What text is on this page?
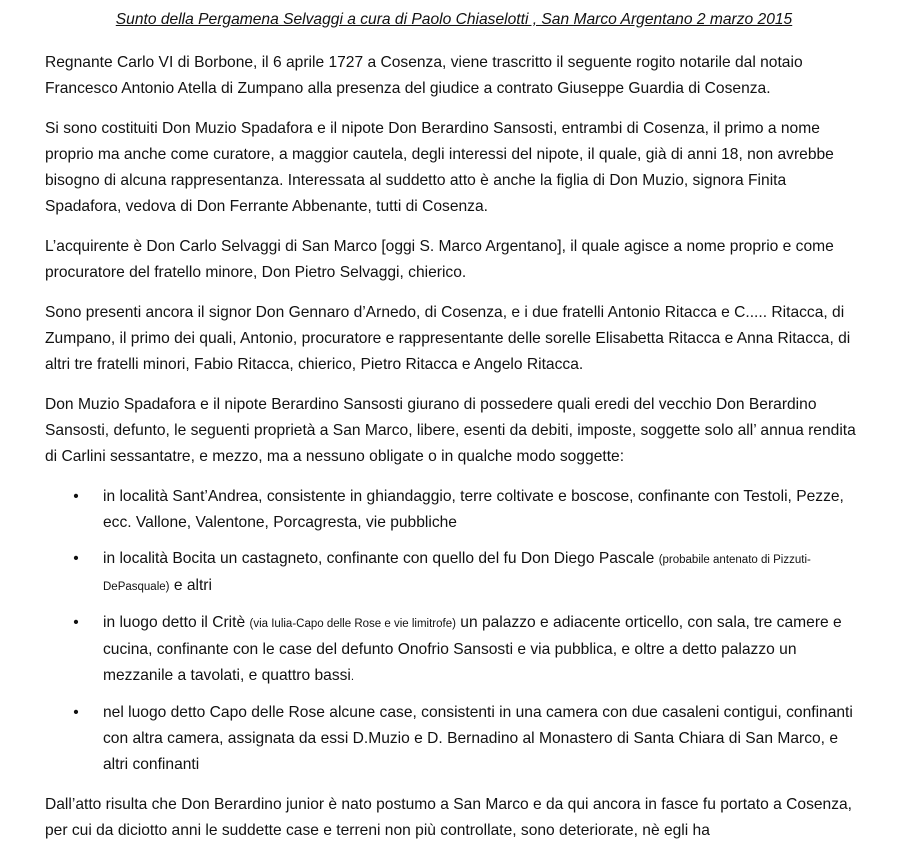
Sunto della Pergamena Selvaggi a cura di Paolo Chiaselotti , San Marco Argentano 2 marzo 2015

Regnante Carlo VI di Borbone, il 6 aprile 1727 a Cosenza, viene trascritto il seguente rogito notarile dal notaio Francesco Antonio Atella di Zumpano alla presenza del giudice a contrato Giuseppe Guardia di Cosenza.

Si sono costituiti Don Muzio Spadafora e il nipote Don Berardino Sansosti, entrambi di Cosenza, il primo a nome proprio ma anche come curatore, a maggior cautela, degli interessi del nipote, il quale, già di anni 18, non avrebbe bisogno di alcuna rappresentanza. Interessata al suddetto atto è anche la figlia di Don Muzio, signora Finita Spadafora, vedova di Don Ferrante Abbenante, tutti di Cosenza.

L’acquirente è Don Carlo Selvaggi di San Marco [oggi S. Marco Argentano], il quale agisce a nome proprio e come procuratore del fratello minore, Don Pietro Selvaggi, chierico.

Sono presenti ancora il signor Don Gennaro d’Arnedo, di Cosenza, e i due fratelli Antonio Ritacca e C..... Ritacca, di Zumpano, il primo dei quali, Antonio, procuratore e rappresentante delle sorelle Elisabetta Ritacca e Anna Ritacca, di altri tre fratelli minori, Fabio Ritacca, chierico, Pietro Ritacca e Angelo Ritacca.

Don Muzio Spadafora e il nipote Berardino Sansosti giurano di possedere quali eredi del vecchio Don Berardino Sansosti, defunto, le seguenti proprietà a San Marco, libere, esenti da debiti, imposte, soggette solo all’ annua rendita di Carlini sessantatre, e mezzo, ma a nessuno obligate o in qualche modo soggette:

• in località Sant’Andrea, consistente in ghiandaggio, terre coltivate e boscose, confinante con Testoli, Pezze, ecc. Vallone, Valentone, Porcagresta, vie pubbliche
• in località Bocita un castagneto, confinante con quello del fu Don Diego Pascale (probabile antenato di Pizzuti-DePasquale) e altri
• in luogo detto il Critè (via Iulia-Capo delle Rose e vie limitrofe) un palazzo e adiacente orticello, con sala, tre camere e cucina, confinante con le case del defunto Onofrio Sansosti e via pubblica, e oltre a detto palazzo un mezzanile a tavolati, e quattro bassi.
• nel luogo detto Capo delle Rose alcune case, consistenti in una camera con due casaleni contigui, confinanti con altra camera, assignata da essi D.Muzio e D. Bernadino al Monastero di Santa Chiara di San Marco, e altri confinanti

Dall’atto risulta che Don Berardino junior è nato postumo a San Marco e da qui ancora in fasce fu portato a Cosenza, per cui da diciotto anni le suddette case e terreni non più controllate, sono deteriorate, nè egli ha
